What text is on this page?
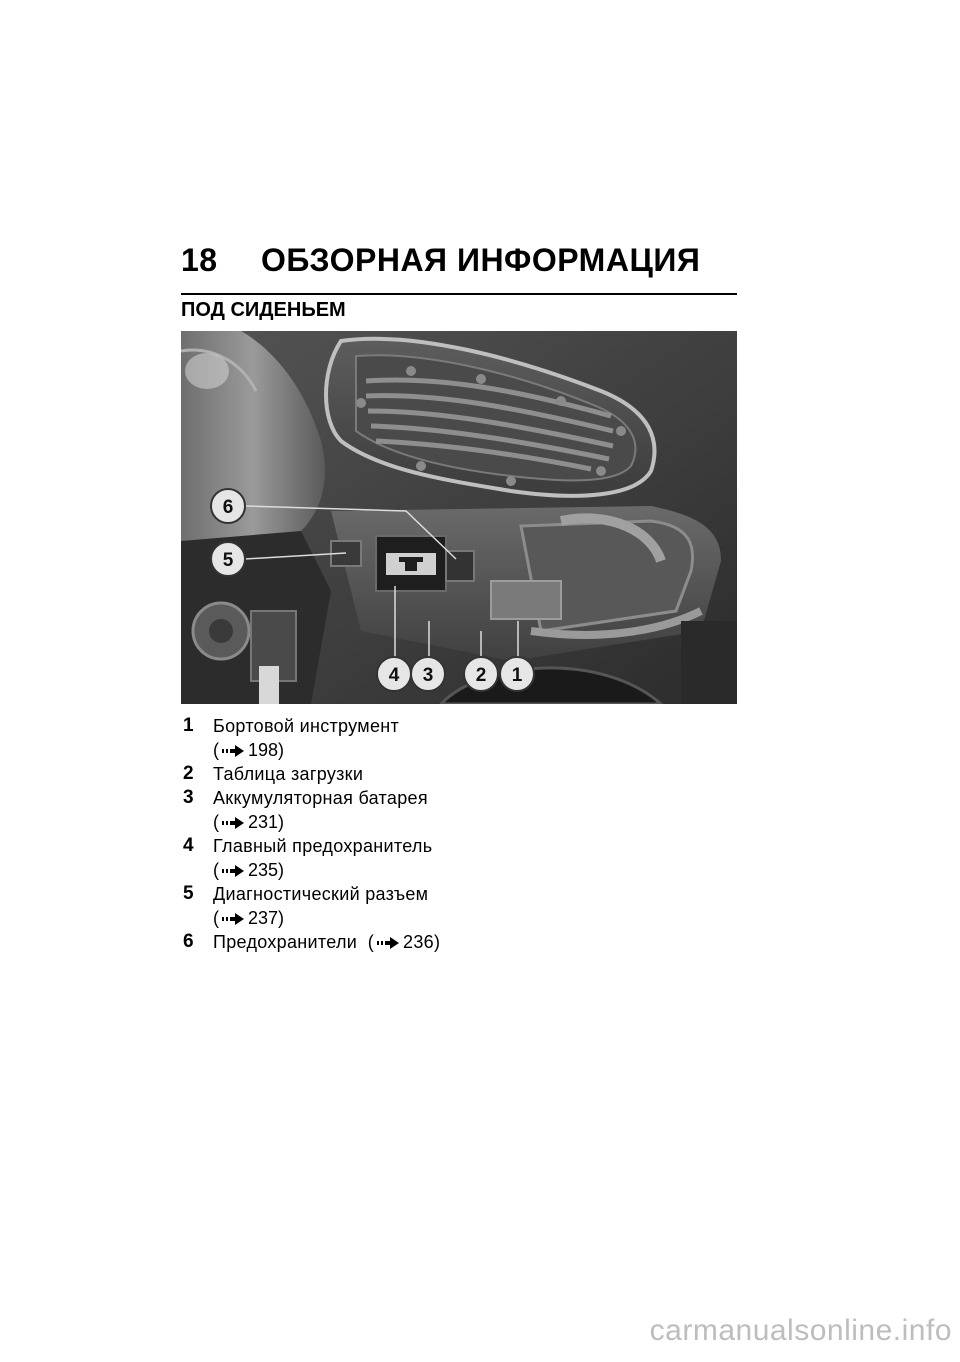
18 ОБЗОРНАЯ ИНФОРМАЦИЯ
ПОД СИДЕНЬЕМ
6
5
4 3 2 1
1 Бортовой инструмент
( 198)
2 Таблица загрузки
3 Аккумуляторная батарея
( 231)
4 Главный предохранитель
( 235)
5 Диагностический разъем
( 237)
6 Предохранители ( 236)
carmanualsonline.info
